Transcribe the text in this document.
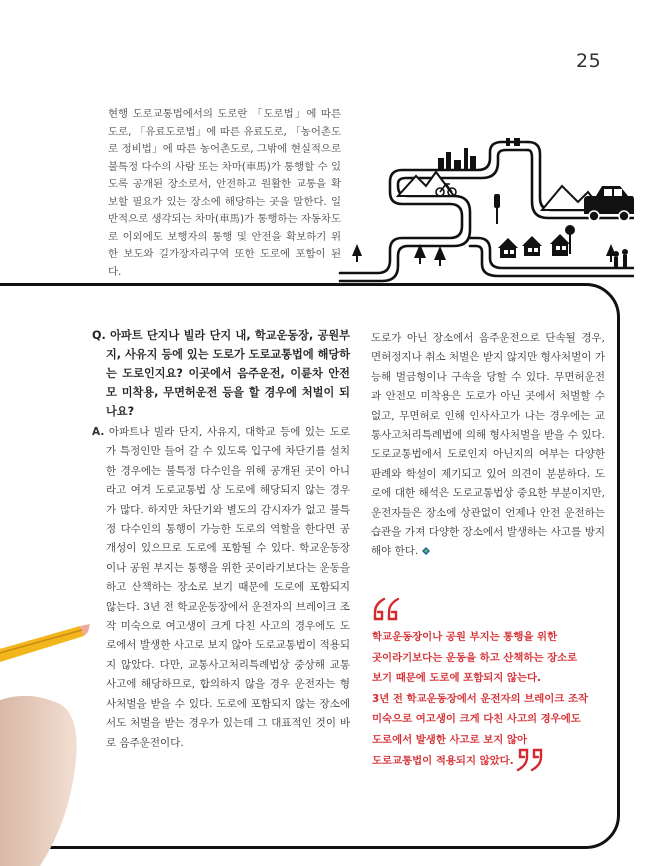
25
현행 도로교통법에서의 도로란 「도로법」에 따른 도로, 「유료도로법」에 따른 유료도로, 「농어촌도로 정비법」에 따른 농어촌도로, 그밖에 현실적으로 불특정 다수의 사람 또는 차마(車馬)가 통행할 수 있도록 공개된 장소로서, 안전하고 원활한 교통을 확보할 필요가 있는 장소에 해당하는 곳을 말한다. 일반적으로 생각되는 차마(車馬)가 통행하는 자동차도로 이외에도 보행자의 통행 및 안전을 확보하기 위한 보도와 길가장자리구역 또한 도로에 포함이 된다.
Q. 아파트 단지나 빌라 단지 내, 학교운동장, 공원부지, 사유지 등에 있는 도로가 도로교통법에 해당하는 도로인지요? 이곳에서 음주운전, 이륜차 안전모 미착용, 무면허운전 등을 할 경우에 처벌이 되나요?
A. 아파트나 빌라 단지, 사유지, 대학교 등에 있는 도로가 특정인만 들어 갈 수 있도록 입구에 차단기를 설치한 경우에는 불특정 다수인을 위해 공개된 곳이 아니라고 여겨 도로교통법 상 도로에 해당되지 않는 경우가 많다. 하지만 차단기와 별도의 감시자가 없고 불특정 다수인의 통행이 가능한 도로의 역할을 한다면 공개성이 있으므로 도로에 포함될 수 있다. 학교운동장이나 공원 부지는 통행을 위한 곳이라기보다는 운동을 하고 산책하는 장소로 보기 때문에 도로에 포함되지 않는다. 3년 전 학교운동장에서 운전자의 브레이크 조작 미숙으로 여고생이 크게 다친 사고의 경우에도 도로에서 발생한 사고로 보지 않아 도로교통법이 적용되지 않았다. 다만, 교통사고처리특례법상 중상해 교통사고에 해당하므로, 합의하지 않을 경우 운전자는 형사처벌을 받을 수 있다. 도로에 포함되지 않는 장소에서도 처벌을 받는 경우가 있는데 그 대표적인 것이 바로 음주운전이다.
도로가 아닌 장소에서 음주운전으로 단속될 경우, 면허정지나 취소 처벌은 받지 않지만 형사처벌이 가능해 벌금형이나 구속을 당할 수 있다. 무면허운전과 안전모 미착용은 도로가 아닌 곳에서 처벌할 수 없고, 무면허로 인해 인사사고가 나는 경우에는 교통사고처리특례법에 의해 형사처벌을 받을 수 있다. 도로교통법에서 도로인지 아닌지의 여부는 다양한 판례와 학설이 제기되고 있어 의견이 분분하다. 도로에 대한 해석은 도로교통법상 중요한 부분이지만, 운전자들은 장소에 상관없이 언제나 안전 운전하는 습관을 가져 다양한 장소에서 발생하는 사고를 방지해야 한다.
학교운동장이나 공원 부지는 통행을 위한
곳이라기보다는 운동을 하고 산책하는 장소로
보기 때문에 도로에 포함되지 않는다.
3년 전 학교운동장에서 운전자의 브레이크 조작
미숙으로 여고생이 크게 다친 사고의 경우에도
도로에서 발생한 사고로 보지 않아
도로교통법이 적용되지 않았다.
